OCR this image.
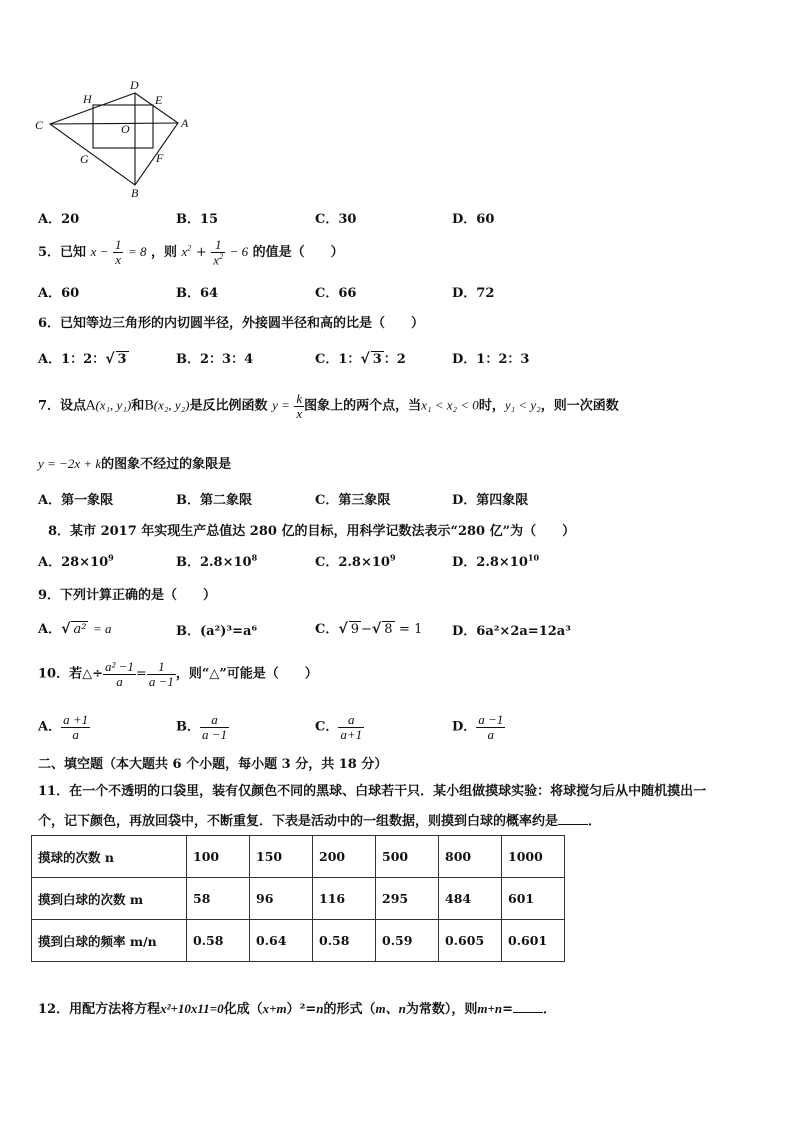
H
D
E
C	O	A
G	F
B
A．20	B．15	C．30	D．60
5．已知 $x - \frac{1}{x} = 8$ ，则 $x^2 + \frac{1}{x^2} - 6$ 的值是（　　）
A．60	B．64	C．66	D．72
6．已知等边三角形的内切圆半径，外接圆半径和高的比是（　　）
A．1：2：√ 3	B．2：3：4	C．1：√ 3 ：2	D．1：2：3
7．设点A(x₁, y₁)和B(x₂, y₂)是反比例函数 $y = \frac{k}{x}$ 图象上的两个点，当x₁ < x₂ < 0时，y₁ < y₂，则一次函数
y = −2x + k的图象不经过的象限是
A．第一象限	B．第二象限	C．第三象限	D．第四象限
8．某市 2017 年实现生产总值达 280 亿的目标，用科学记数法表示“280 亿”为（　　）
A．$28\times 10^9$	B．$2.8\times 10^8$	C．$2.8\times 10^9$	D．$2.8\times 10^{10}$
9．下列计算正确的是（　　）
A．√ a² = a	B．(a²)³=a⁶	C．√ 9 −√ 8 = 1 D．6a²×2a=12a³
10．若△÷ $\frac{\text{a² −1}}{a} = \frac{1}{a -1}$ ，则“△”可能是（　　）
A． $\frac{a +1}{a}$	B． $\frac{a}{a -1}$	C． $\frac{a}{a+1}$	D． $\frac{a -1}{a}$
二、填空题（本大题共 6 个小题，每小题 3 分，共 18 分）
11．在一个不透明的口袋里，装有仅颜色不同的黑球、白球若干只．某小组做摸球实验：将球搅匀后从中随机摸出一
个，记下颜色，再放回袋中，不断重复．下表是活动中的一组数据，则摸到白球的概率约是 ．
摸球的次数 n	100	150	200	500	800	1000
摸到白球的次数 m	58	96	116	295	484	601
摸到白球的频率 m/n	0.58	0.64	0.58	0.59	0.605	0.601
12．用配方法将方程x²+10x11=0化成（x+m）²=n的形式（m、n为常数），则m+n= ．
